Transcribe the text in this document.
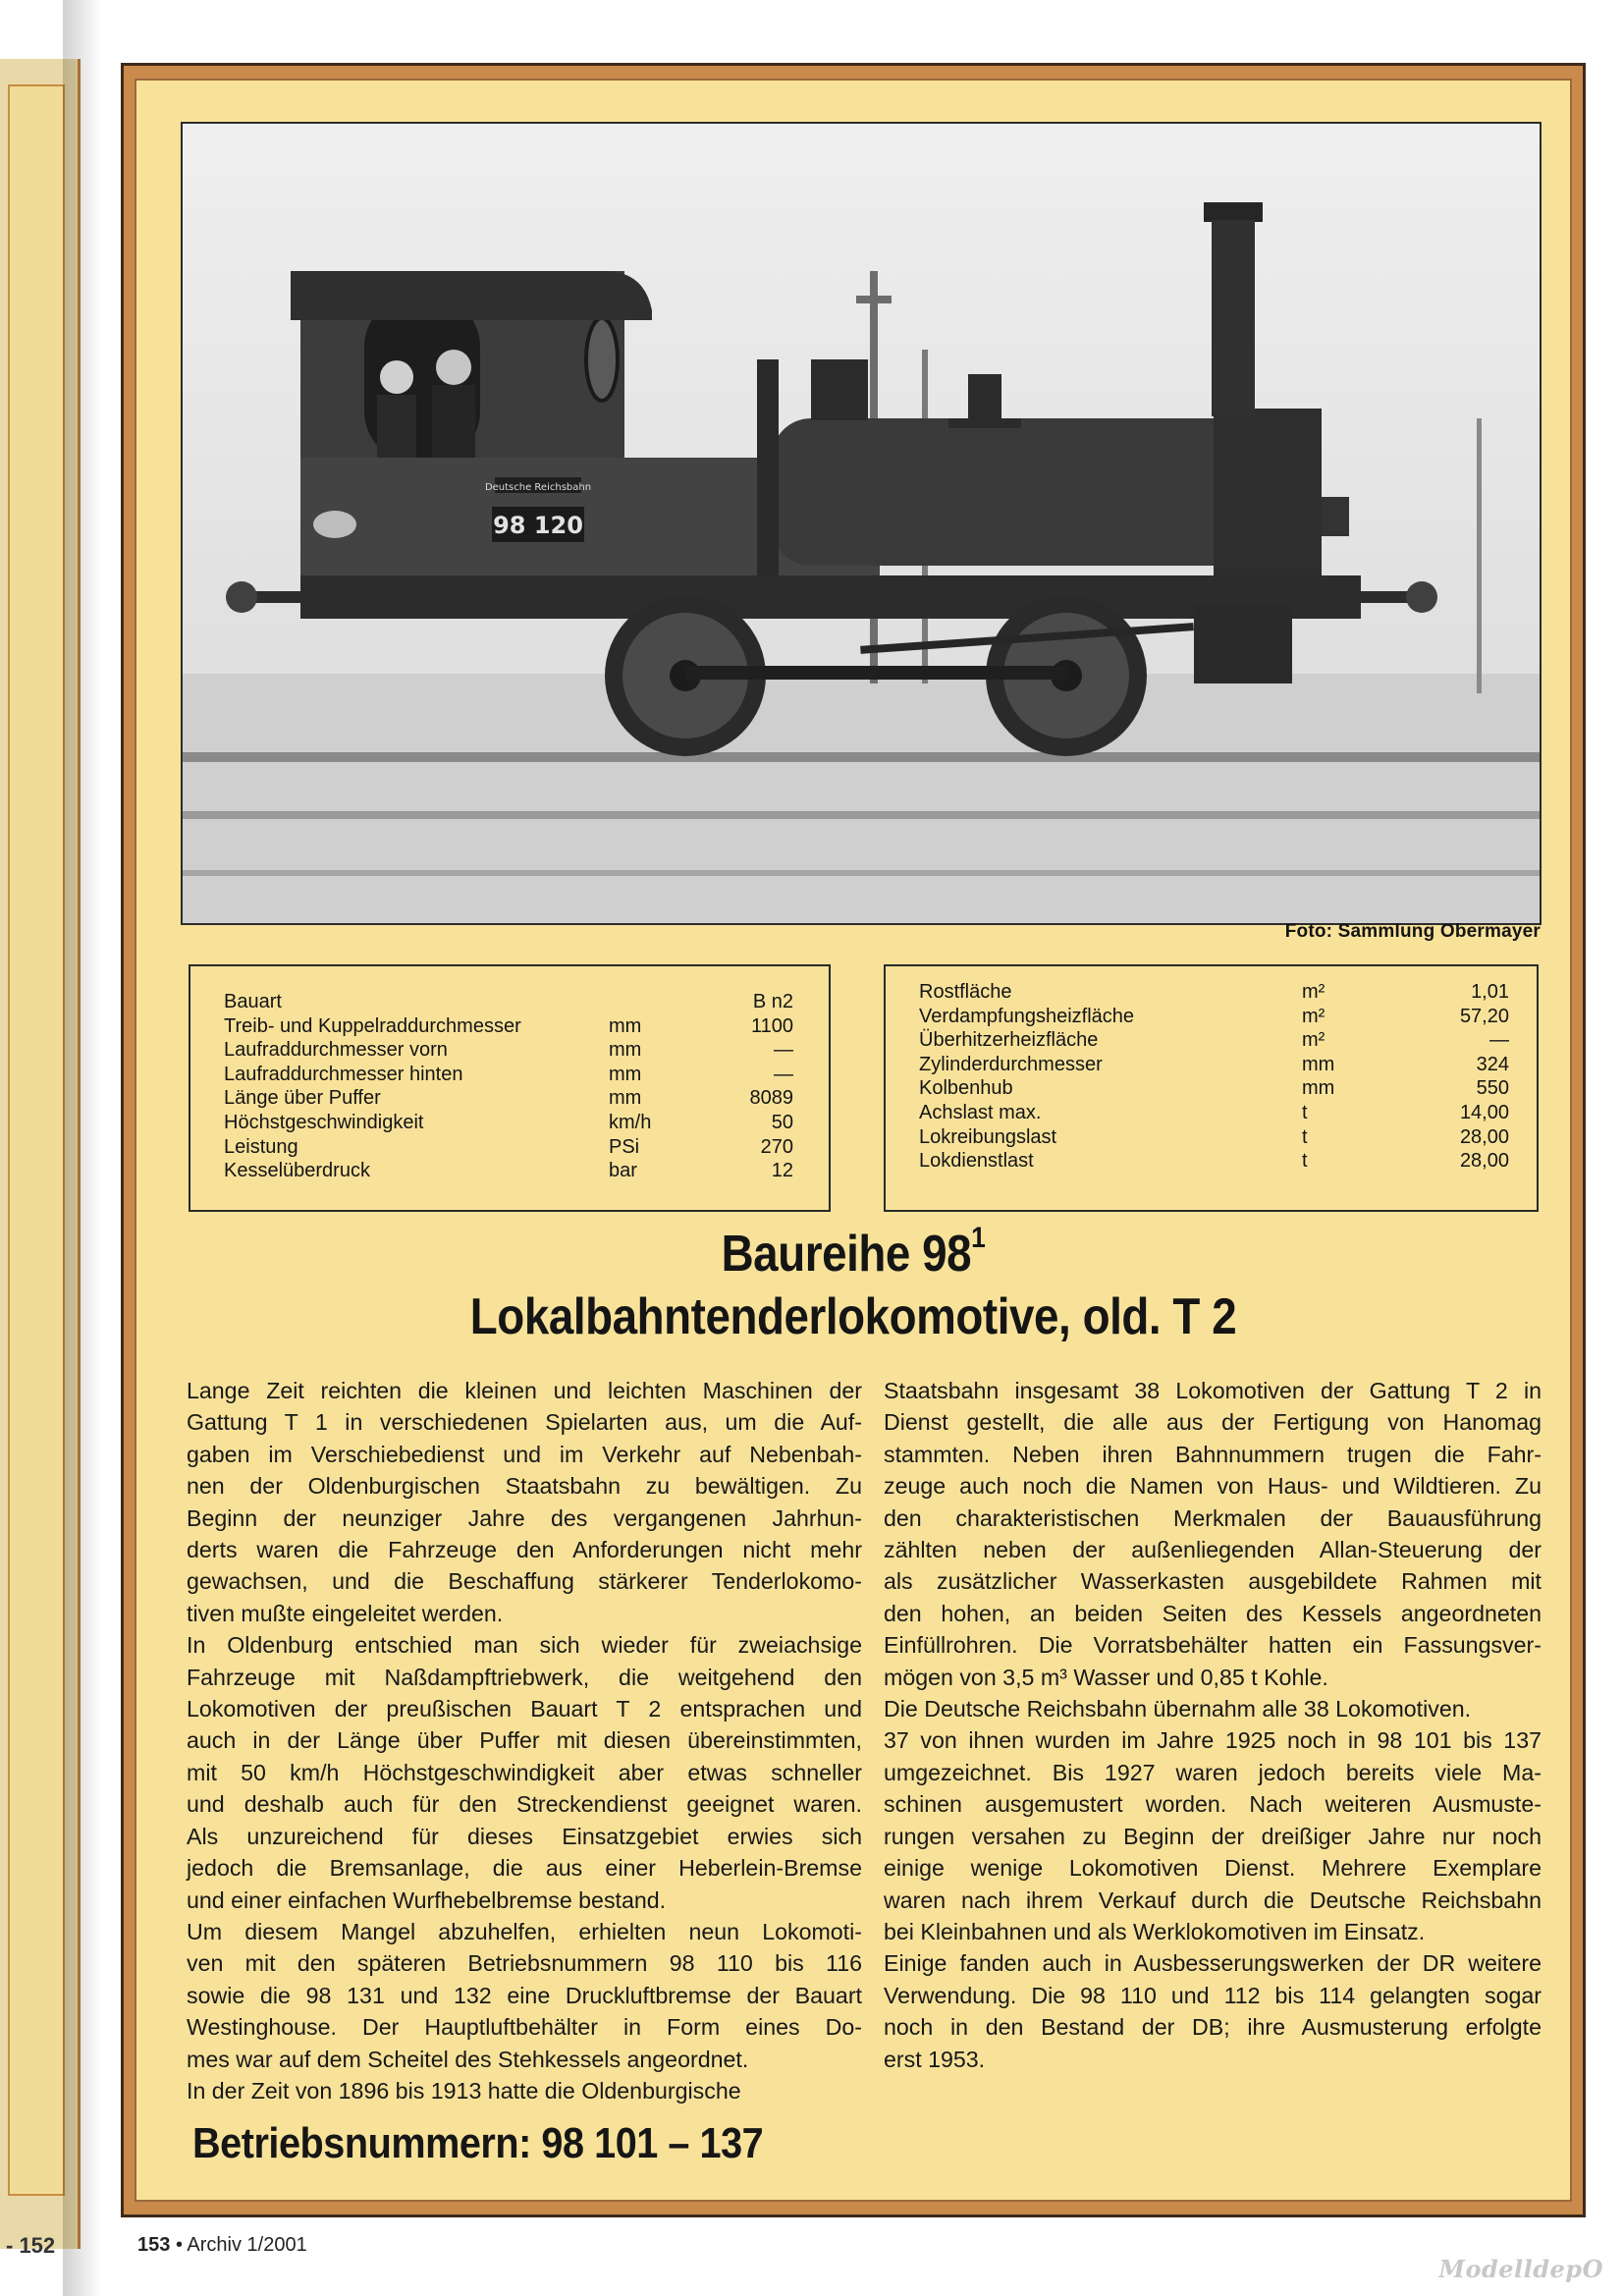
- 152
Deutsche Reichsbahn
98 120
Foto: Sammlung Obermayer
Bauart		B n2
Treib- und Kuppelraddurchmesser	mm	1100
Laufraddurchmesser vorn	mm	—
Laufraddurchmesser hinten	mm	—
Länge über Puffer	mm	8089
Höchstgeschwindigkeit	km/h	50
Leistung	PSi	270
Kesselüberdruck	bar	12
Rostfläche	m²	1,01
Verdampfungsheizfläche	m²	57,20
Überhitzerheizfläche	m²	—
Zylinderdurchmesser	mm	324
Kolbenhub	mm	550
Achslast max.	t	14,00
Lokreibungslast	t	28,00
Lokdienstlast	t	28,00
Baureihe $98^1$
Lokalbahntenderlokomotive, old. T 2

Lange Zeit reichten die kleinen und leichten Maschinen der

Gattung T 1 in verschiedenen Spielarten aus, um die Auf-

gaben im Verschiebedienst und im Verkehr auf Nebenbah-

nen der Oldenburgischen Staatsbahn zu bewältigen. Zu

Beginn der neunziger Jahre des vergangenen Jahrhun-

derts waren die Fahrzeuge den Anforderungen nicht mehr

gewachsen, und die Beschaffung stärkerer Tenderlokomo-

tiven mußte eingeleitet werden.

In Oldenburg entschied man sich wieder für zweiachsige

Fahrzeuge mit Naßdampftriebwerk, die weitgehend den

Lokomotiven der preußischen Bauart T 2 entsprachen und

auch in der Länge über Puffer mit diesen übereinstimmten,

mit 50 km/h Höchstgeschwindigkeit aber etwas schneller

und deshalb auch für den Streckendienst geeignet waren.

Als unzureichend für dieses Einsatzgebiet erwies sich

jedoch die Bremsanlage, die aus einer Heberlein-Bremse

und einer einfachen Wurfhebelbremse bestand.

Um diesem Mangel abzuhelfen, erhielten neun Lokomoti-

ven mit den späteren Betriebsnummern 98 110 bis 116

sowie die 98 131 und 132 eine Druckluftbremse der Bauart

Westinghouse. Der Hauptluftbehälter in Form eines Do-

mes war auf dem Scheitel des Stehkessels angeordnet.

In der Zeit von 1896 bis 1913 hatte die Oldenburgische

Staatsbahn insgesamt 38 Lokomotiven der Gattung T 2 in

Dienst gestellt, die alle aus der Fertigung von Hanomag

stammten. Neben ihren Bahnnummern trugen die Fahr-

zeuge auch noch die Namen von Haus- und Wildtieren. Zu

den charakteristischen Merkmalen der Bauausführung

zählten neben der außenliegenden Allan-Steuerung der

als zusätzlicher Wasserkasten ausgebildete Rahmen mit

den hohen, an beiden Seiten des Kessels angeordneten

Einfüllrohren. Die Vorratsbehälter hatten ein Fassungsver-

mögen von 3,5 m³ Wasser und 0,85 t Kohle.

Die Deutsche Reichsbahn übernahm alle 38 Lokomotiven.

37 von ihnen wurden im Jahre 1925 noch in 98 101 bis 137

umgezeichnet. Bis 1927 waren jedoch bereits viele Ma-

schinen ausgemustert worden. Nach weiteren Ausmuste-

rungen versahen zu Beginn der dreißiger Jahre nur noch

einige wenige Lokomotiven Dienst. Mehrere Exemplare

waren nach ihrem Verkauf durch die Deutsche Reichsbahn

bei Kleinbahnen und als Werklokomotiven im Einsatz.

Einige fanden auch in Ausbesserungswerken der DR weitere

Verwendung. Die 98 110 und 112 bis 114 gelangten sogar

noch in den Bestand der DB; ihre Ausmusterung erfolgte

erst 1953.

Betriebsnummern: 98 101 – 137
153 • Archiv 1/2001
ModelldepO
